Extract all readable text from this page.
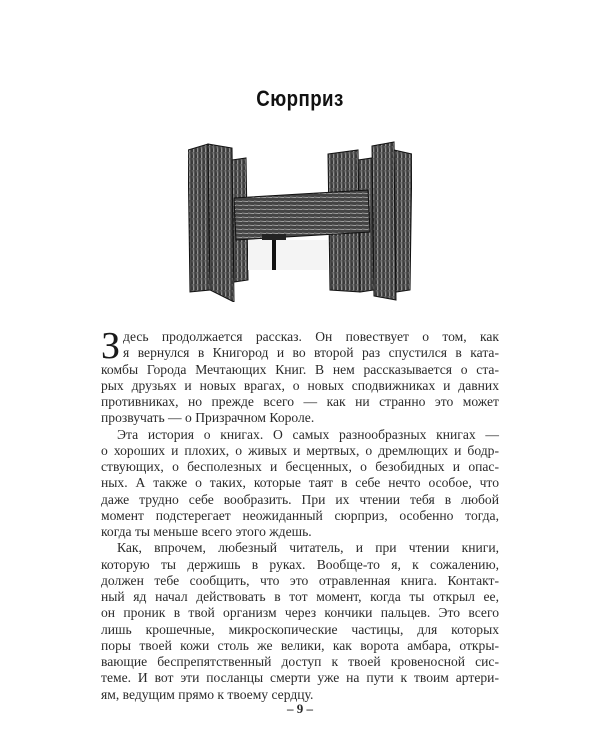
Сюрприз
З десь продолжается рассказ. Он повествует о том, как
я вернулся в Книгород и во второй раз спустился в ката-
комбы Города Мечтающих Книг. В нем рассказывается о ста-
рых друзьях и новых врагах, о новых сподвижниках и давних
противниках, но прежде всего — как ни странно это может
прозвучать — о Призрачном Короле.
Эта история о книгах. О самых разнообразных книгах —
о хороших и плохих, о живых и мертвых, о дремлющих и бодр-
ствующих, о бесполезных и бесценных, о безобидных и опас-
ных. А также о таких, которые таят в себе нечто особое, что
даже трудно себе вообразить. При их чтении тебя в любой
момент подстерегает неожиданный сюрприз, особенно тогда,
когда ты меньше всего этого ждешь.
Как, впрочем, любезный читатель, и при чтении книги,
которую ты держишь в руках. Вообще-то я, к сожалению,
должен тебе сообщить, что это отравленная книга. Контакт-
ный яд начал действовать в тот момент, когда ты открыл ее,
он проник в твой организм через кончики пальцев. Это всего
лишь крошечные, микроскопические частицы, для которых
поры твоей кожи столь же велики, как ворота амбара, откры-
вающие беспрепятственный доступ к твоей кровеносной сис-
теме. И вот эти посланцы смерти уже на пути к твоим артери-
ям, ведущим прямо к твоему сердцу.
– 9 –
